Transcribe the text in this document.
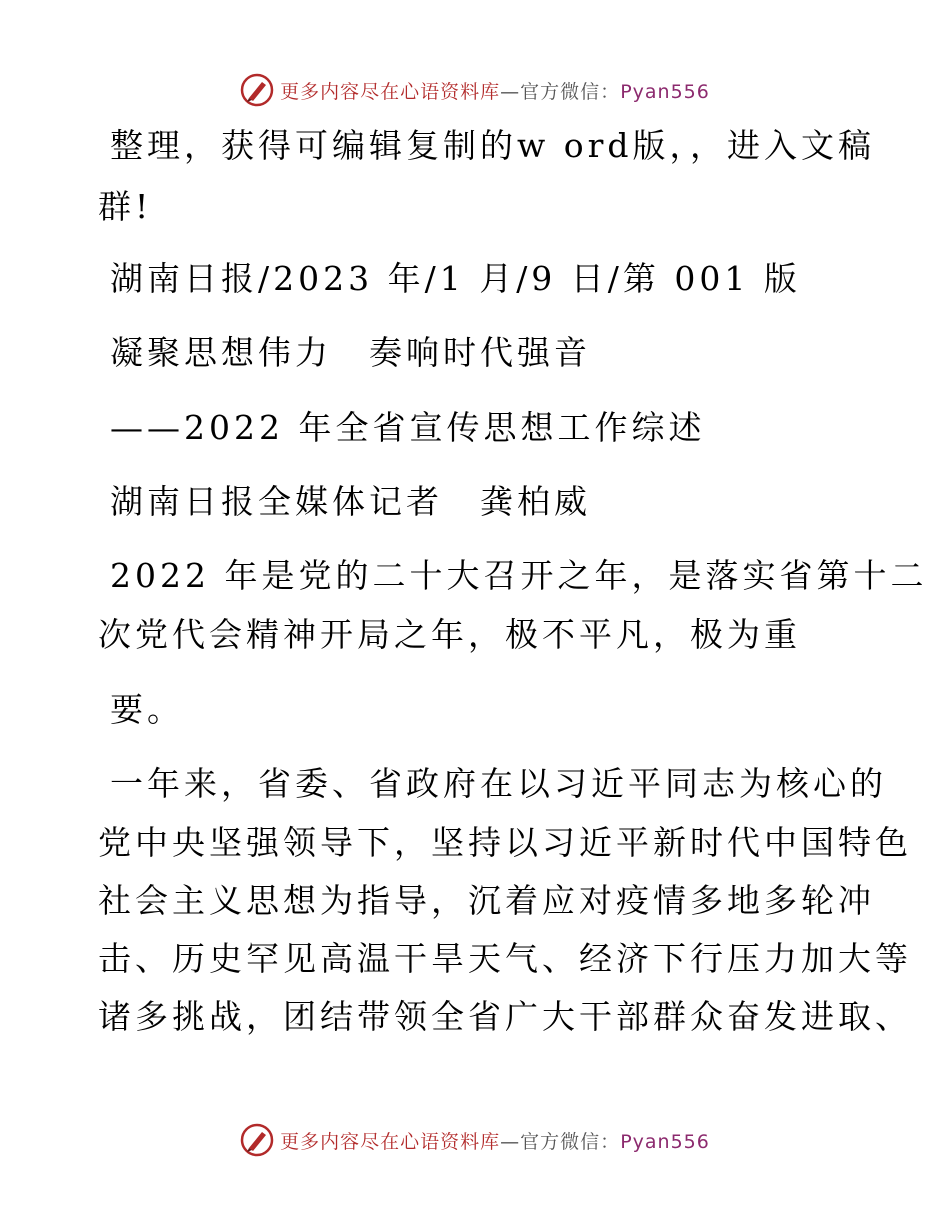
更多内容尽在心语资料库—官方微信：Pyan556
整理，获得可编辑复制的w ord版，，进入文稿
群!
湖南日报/2023 年/1 月/9 日/第 001 版
凝聚思想伟力　奏响时代强音
——2022 年全省宣传思想工作综述
湖南日报全媒体记者　龚柏威
2022 年是党的二十大召开之年，是落实省第十二
次党代会精神开局之年，极不平凡，极为重
要。
一年来，省委、省政府在以习近平同志为核心的
党中央坚强领导下，坚持以习近平新时代中国特色
社会主义思想为指导，沉着应对疫情多地多轮冲
击、历史罕见高温干旱天气、经济下行压力加大等
诸多挑战，团结带领全省广大干部群众奋发进取、
更多内容尽在心语资料库—官方微信：Pyan556
